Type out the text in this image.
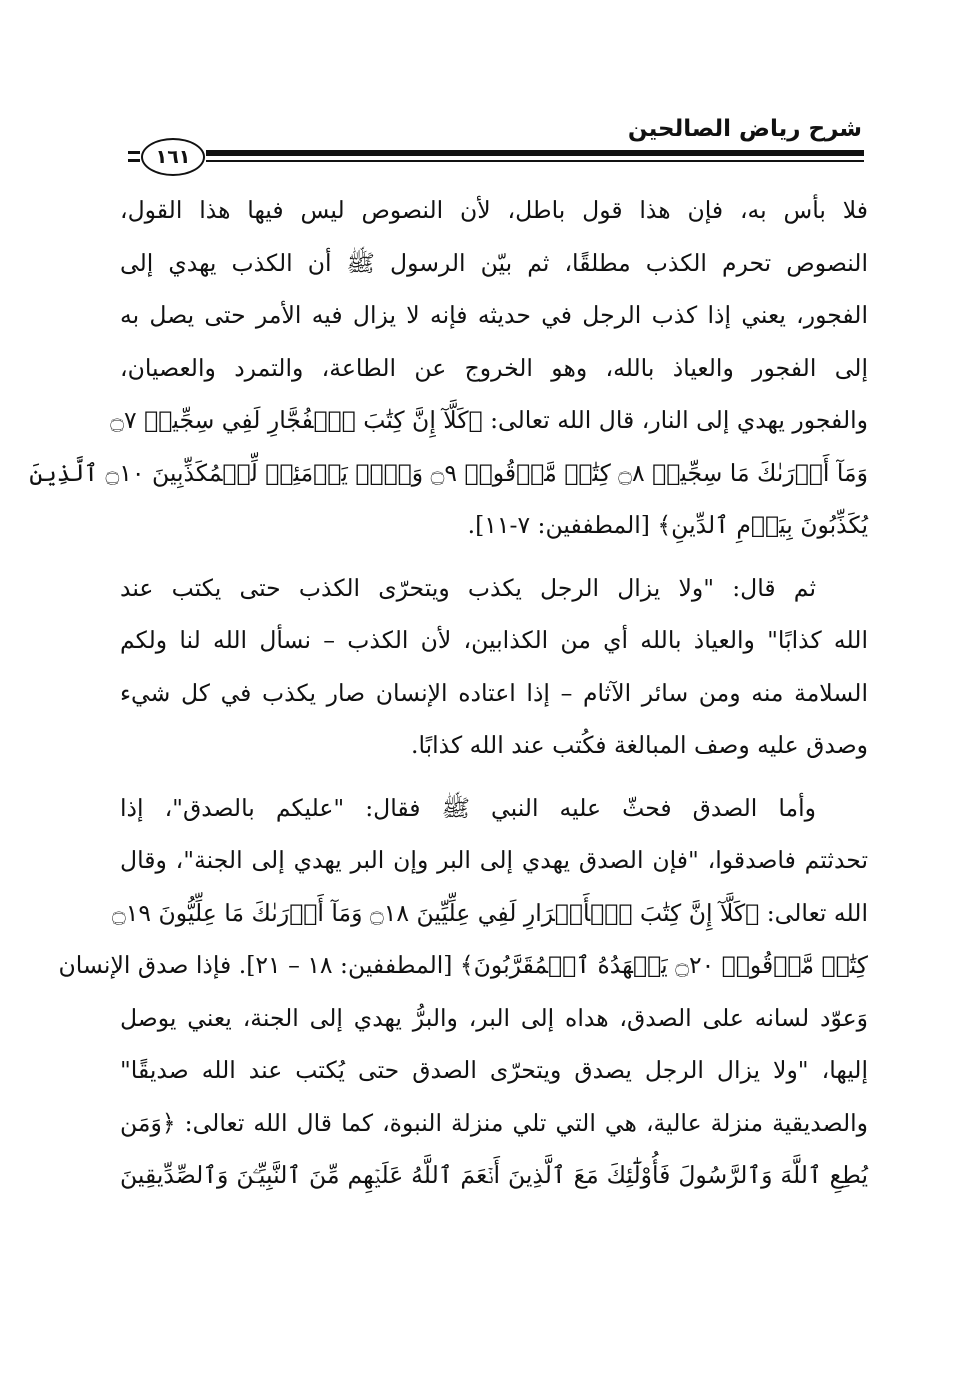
شرح رياض الصالحين
١٦١
فلا بأس به، فإن هذا قول باطل، لأن النصوص ليس فيها هذا القول،
النصوص تحرم الكذب مطلقًا، ثم بيّن الرسول ﷺ أن الكذب يهدي إلى
الفجور، يعني إذا كذب الرجل في حديثه فإنه لا يزال فيه الأمر حتى يصل به
إلى الفجور والعياذ بالله، وهو الخروج عن الطاعة، والتمرد والعصيان،
والفجور يهدي إلى النار، قال الله تعالى: ﴿كَلَّآ إِنَّ كِتَٰبَ ٱلۡفُجَّارِ لَفِي سِجِّينٖ ۝٧
وَمَآ أَدۡرَىٰكَ مَا سِجِّينٞ ۝٨ كِتَٰبٞ مَّرۡقُومٞ ۝٩ وَيۡلٞ يَوۡمَئِذٖ لِّلۡمُكَذِّبِينَ ۝١٠ ٱلَّذِينَ
يُكَذِّبُونَ بِيَوۡمِ ٱلدِّينِ﴾ [المطففين: ٧-١١].
ثم قال: "ولا يزال الرجل يكذب ويتحرّى الكذب حتى يكتب عند
الله كذابًا" والعياذ بالله أي من الكذابين، لأن الكذب – نسأل الله لنا ولكم
السلامة منه ومن سائر الآثام – إذا اعتاده الإنسان صار يكذب في كل شيء
وصدق عليه وصف المبالغة فكُتب عند الله كذابًا.
وأما الصدق فحثّ عليه النبي ﷺ فقال: "عليكم بالصدق"، إذا
تحدثتم فاصدقوا، "فإن الصدق يهدي إلى البر وإن البر يهدي إلى الجنة"، وقال
الله تعالى: ﴿كَلَّآ إِنَّ كِتَٰبَ ٱلۡأَبۡرَارِ لَفِي عِلِّيِّينَ ۝١٨ وَمَآ أَدۡرَىٰكَ مَا عِلِّيُّونَ ۝١٩
كِتَٰبٞ مَّرۡقُومٞ ۝٢٠ يَشۡهَدُهُ ٱلۡمُقَرَّبُونَ﴾ [المطففين: ١٨ – ٢١]. فإذا صدق الإنسان
وَعوّد لسانه على الصدق، هداه إلى البر، والبرُّ يهدي إلى الجنة، يعني يوصل
إليها، "ولا يزال الرجل يصدق ويتحرّى الصدق حتى يُكتب عند الله صديقًا"
والصديقية منزلة عالية، هي التي تلي منزلة النبوة، كما قال الله تعالى: ﴿وَمَن
يُطِعِ ٱللَّهَ وَٱلرَّسُولَ فَأُوْلَٰٓئِكَ مَعَ ٱلَّذِينَ أَنۡعَمَ ٱللَّهُ عَلَيۡهِم مِّنَ ٱلنَّبِيِّـۧنَ وَٱلصِّدِّيقِينَ
